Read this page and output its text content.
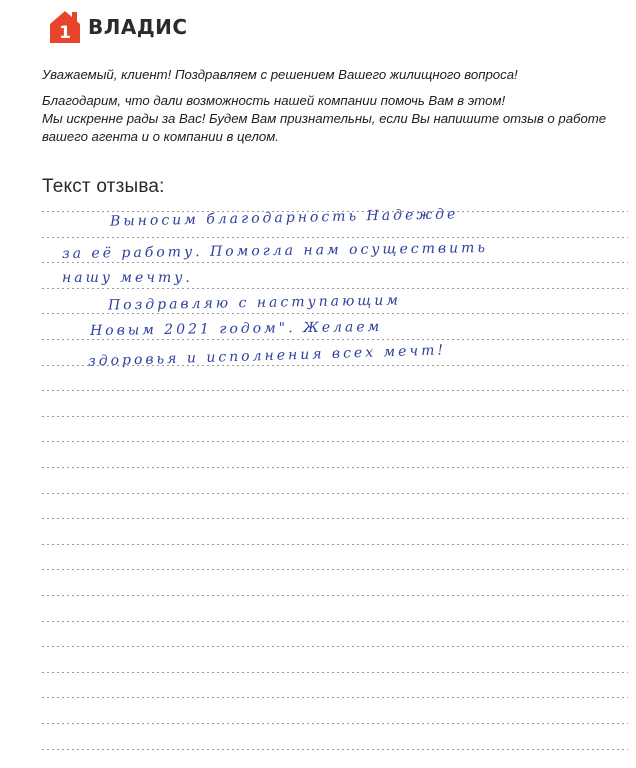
1 ВЛАДИС

Уважаемый, клиент! Поздравляем с решением Вашего жилищного вопроса!

Благодарим, что дали возможность нашей компании помочь Вам в этом!

Мы искренне рады за Вас! Будем Вам признательны, если Вы напишите отзыв о работе

вашего агента и о компании в целом.

Текст отзыва:
Выносим благодарность Надежде
за её работу. Помогла нам осуществить
нашу мечту.
Поздравляю с наступающим
Новым 2021 годом". Желаем
здоровья и исполнения всех мечт!
